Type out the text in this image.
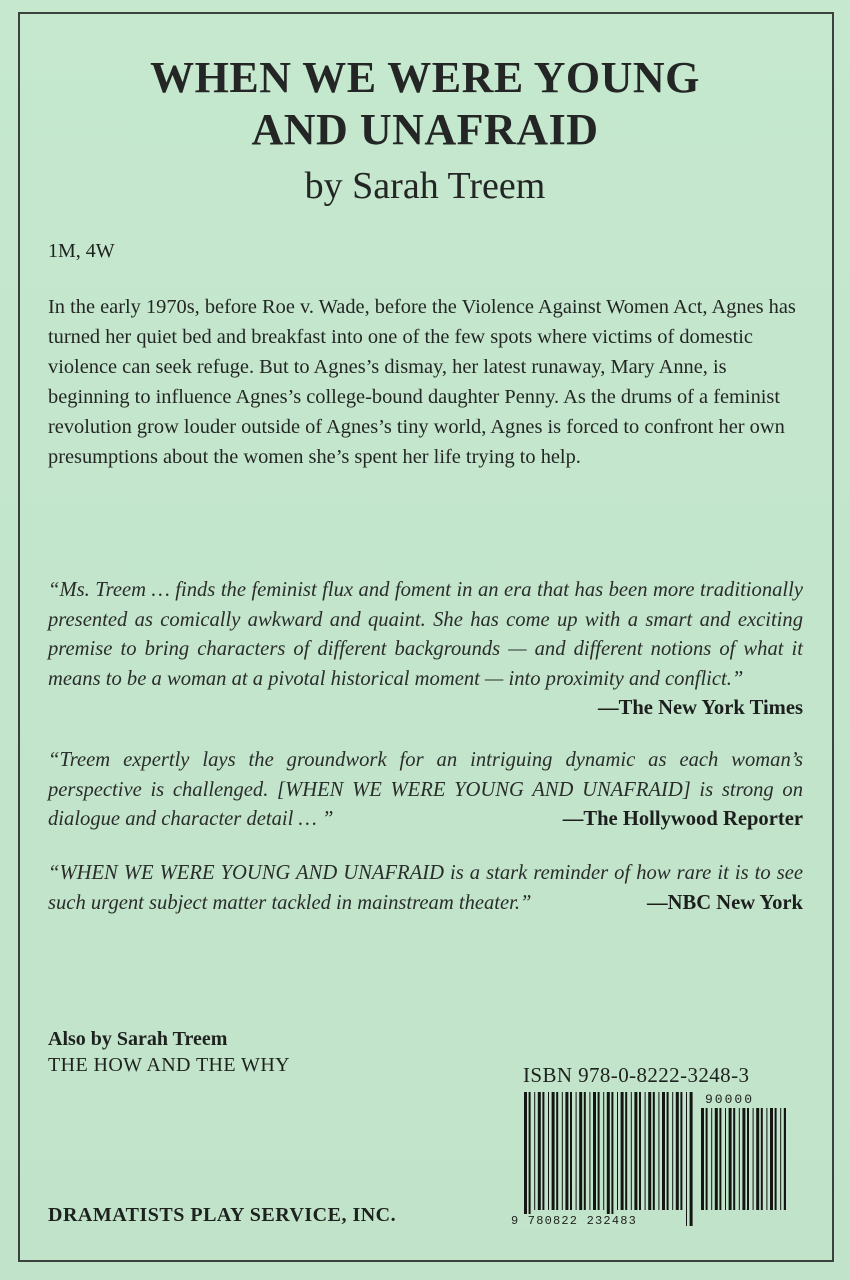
WHEN WE WERE YOUNG
AND UNAFRAID
by Sarah Treem
1M, 4W

In the early 1970s, before Roe v. Wade, before the Violence Against Women Act, Agnes has turned her quiet bed and breakfast into one of the few spots where victims of domestic violence can seek refuge. But to Agnes’s dismay, her latest runaway, Mary Anne, is beginning to influence Agnes’s college-bound daughter Penny. As the drums of a feminist revolution grow louder outside of Agnes’s tiny world, Agnes is forced to confront her own presumptions about the women she’s spent her life trying to help.

“Ms. Treem … finds the feminist flux and foment in an era that has been more traditionally presented as comically awkward and quaint. She has come up with a smart and exciting premise to bring characters of different backgrounds — and different notions of what it means to be a woman at a pivotal historical moment — into proximity and conflict.”
—The New York Times
“Treem expertly lays the groundwork for an intriguing dynamic as each woman’s perspective is challenged. [WHEN WE WERE YOUNG AND UNAFRAID] is strong on dialogue and character detail … ”	—The Hollywood Reporter
“WHEN WE WERE YOUNG AND UNAFRAID is a stark reminder of how rare it is to see such urgent subject matter tackled in mainstream theater.”	—NBC New York
Also by Sarah Treem
THE HOW AND THE WHY	ISBN 978-0-8222-3248-3
90000
9 780822 232483
DRAMATISTS PLAY SERVICE, INC.
